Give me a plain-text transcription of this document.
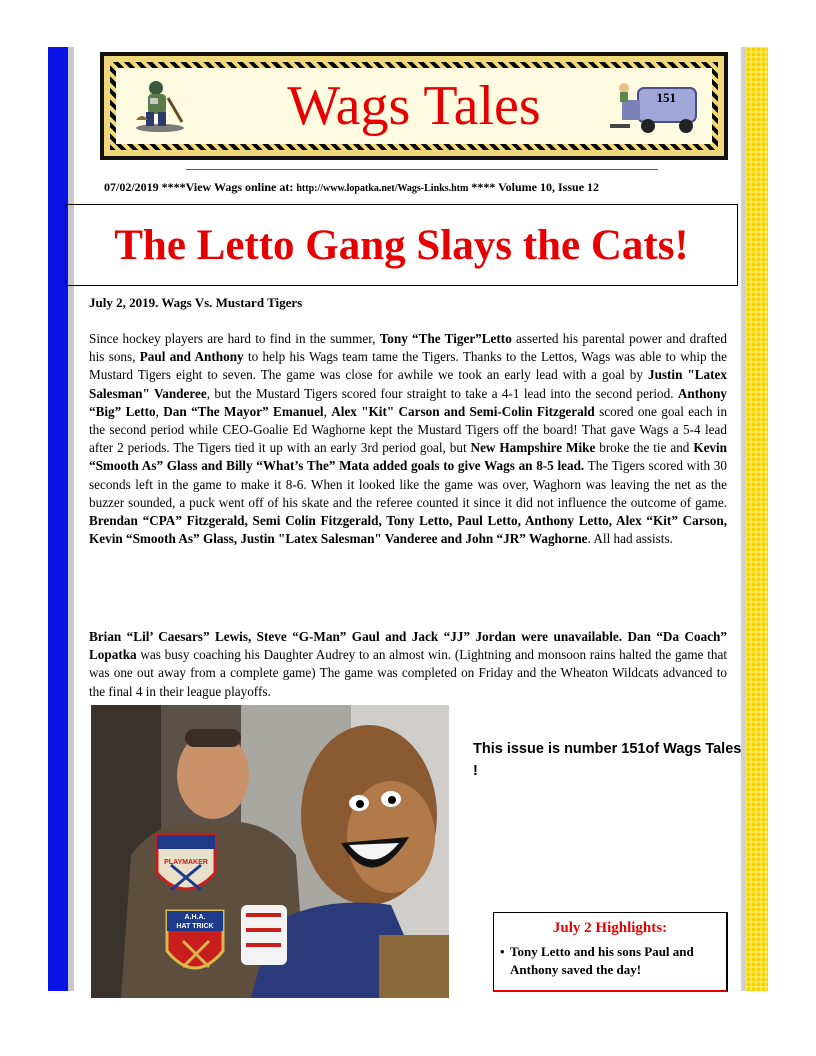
Wags Tales	151
07/02/2019 ****View Wags online at: http://www.lopatka.net/Wags-Links.htm **** Volume 10, Issue 12
The Letto Gang Slays the Cats!
July 2, 2019. Wags Vs. Mustard Tigers
Since hockey players are hard to find in the summer, Tony “The Tiger”Letto asserted his parental power and drafted his sons, Paul and Anthony to help his Wags team tame the Tigers. Thanks to the Lettos, Wags was able to whip the Mustard Tigers eight to seven. The game was close for awhile we took an early lead with a goal by Justin "Latex Salesman" Vanderee, but the Mustard Tigers scored four straight to take a 4-1 lead into the second period. Anthony “Big” Letto, Dan “The Mayor” Emanuel, Alex "Kit" Carson and Semi-Colin Fitzgerald scored one goal each in the second period while CEO-Goalie Ed Waghorne kept the Mustard Tigers off the board! That gave Wags a 5-4 lead after 2 periods. The Tigers tied it up with an early 3rd period goal, but New Hampshire Mike broke the tie and Kevin “Smooth As” Glass and Billy “What’s The” Mata added goals to give Wags an 8-5 lead. The Tigers scored with 30 seconds left in the game to make it 8-6. When it looked like the game was over, Waghorn was leaving the net as the buzzer sounded, a puck went off of his skate and the referee counted it since it did not influence the outcome of game. Brendan “CPA” Fitzgerald, Semi Colin Fitzgerald, Tony Letto, Paul Letto, Anthony Letto, Alex “Kit” Carson, Kevin “Smooth As” Glass, Justin "Latex Salesman" Vanderee and John “JR” Waghorne. All had assists.
Brian “Lil’ Caesars” Lewis, Steve “G-Man” Gaul and Jack “JJ” Jordan were unavailable. Dan “Da Coach” Lopatka was busy coaching his Daughter Audrey to an almost win. (Lightning and monsoon rains halted the game that was one out away from a complete game) The game was completed on Friday and the Wheaton Wildcats advanced to the final 4 in their league playoffs.
PLAYMAKER
A.H.A.
HAT TRICK
This issue is number 151of Wags Tales !
July 2 Highlights:
• Tony Letto and his sons Paul and Anthony saved the day!
